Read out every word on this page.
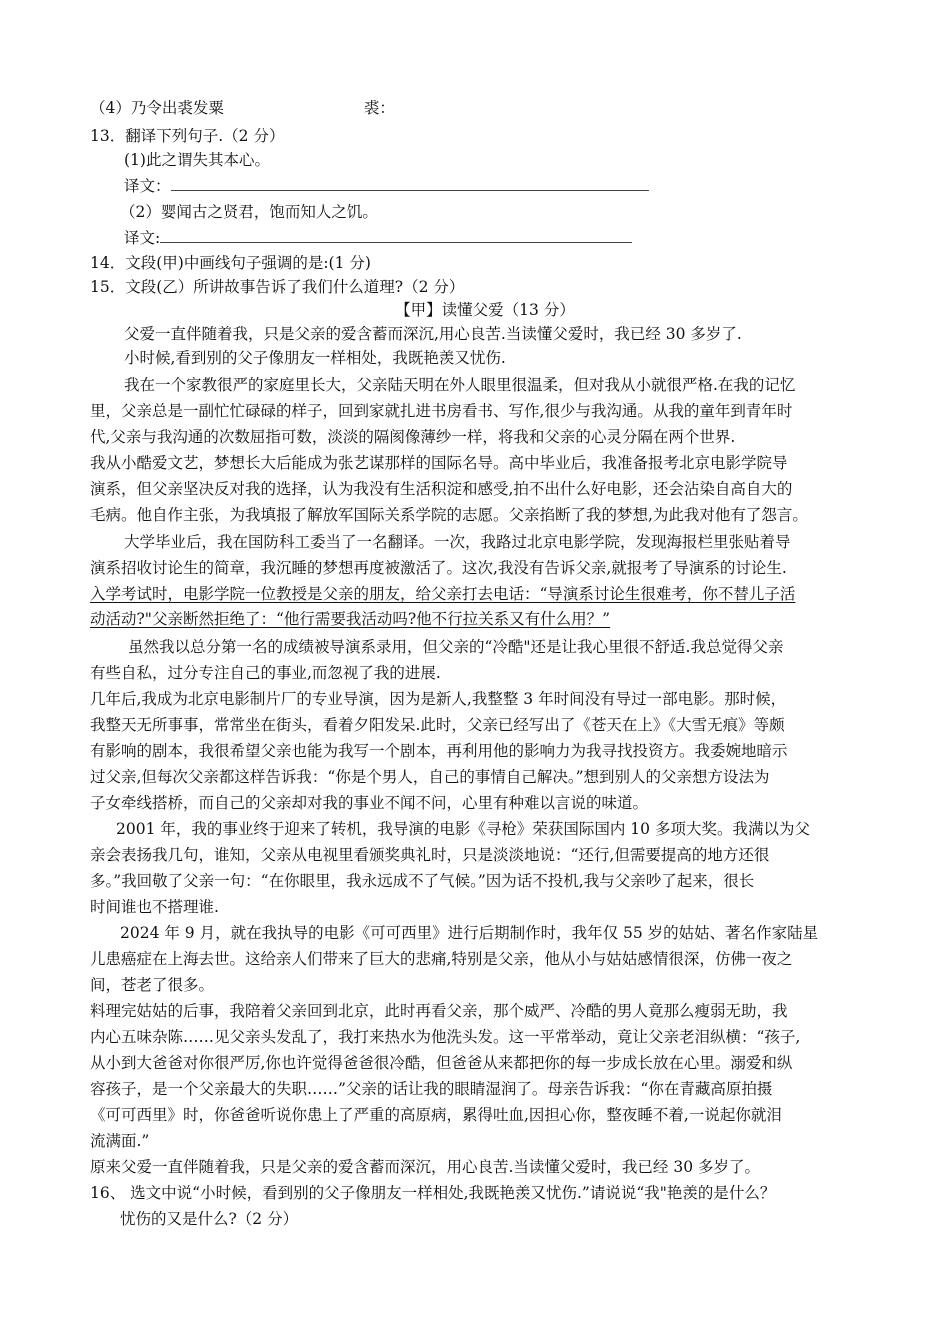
（4）乃令出裘发粟	裘：
13．翻译下列句子.（2 分）
(1)此之谓失其本心。
译文：
（2）婴闻古之贤君，饱而知人之饥。
译文:
14．文段(甲)中画线句子强调的是:(1 分)
15．文段(乙）所讲故事告诉了我们什么道理?（2 分）
【甲】读懂父爱（13 分）
父爱一直伴随着我，只是父亲的爱含蓄而深沉,用心良苦.当读懂父爱时，我已经 30 多岁了.
小时候,看到别的父子像朋友一样相处，我既艳羡又忧伤.
我在一个家教很严的家庭里长大，父亲陆天明在外人眼里很温柔，但对我从小就很严格.在我的记忆
里，父亲总是一副忙忙碌碌的样子，回到家就扎进书房看书、写作,很少与我沟通。从我的童年到青年时
代,父亲与我沟通的次数屈指可数，淡淡的隔阂像薄纱一样，将我和父亲的心灵分隔在两个世界.
我从小酷爱文艺，梦想长大后能成为张艺谋那样的国际名导。高中毕业后，我准备报考北京电影学院导
演系，但父亲坚决反对我的选择，认为我没有生活积淀和感受,拍不出什么好电影，还会沾染自高自大的
毛病。他自作主张，为我填报了解放军国际关系学院的志愿。父亲掐断了我的梦想,为此我对他有了怨言。
大学毕业后，我在国防科工委当了一名翻译。一次，我路过北京电影学院，发现海报栏里张贴着导
演系招收讨论生的简章，我沉睡的梦想再度被激活了。这次,我没有告诉父亲,就报考了导演系的讨论生.
入学考试时，电影学院一位教授是父亲的朋友，给父亲打去电话：“导演系讨论生很难考，你不替儿子活
动活动?"父亲断然拒绝了：“他行需要我活动吗?他不行拉关系又有什么用？”
虽然我以总分第一名的成绩被导演系录用，但父亲的“冷酷"还是让我心里很不舒适.我总觉得父亲
有些自私，过分专注自己的事业,而忽视了我的进展.
几年后,我成为北京电影制片厂的专业导演，因为是新人,我整整 3 年时间没有导过一部电影。那时候，
我整天无所事事，常常坐在街头，看着夕阳发呆.此时，父亲已经写出了《苍天在上》《大雪无痕》等颇
有影响的剧本，我很希望父亲也能为我写一个剧本，再利用他的影响力为我寻找投资方。我委婉地暗示
过父亲,但每次父亲都这样告诉我：“你是个男人，自己的事情自己解决。”想到别人的父亲想方设法为
子女牵线搭桥，而自己的父亲却对我的事业不闻不问，心里有种难以言说的味道。
2001 年，我的事业终于迎来了转机，我导演的电影《寻枪》荣获国际国内 10 多项大奖。我满以为父
亲会表扬我几句，谁知，父亲从电视里看颁奖典礼时，只是淡淡地说：“还行,但需要提高的地方还很
多。”我回敬了父亲一句：“在你眼里，我永远成不了气候。”因为话不投机,我与父亲吵了起来，很长
时间谁也不搭理谁.
2024 年 9 月，就在我执导的电影《可可西里》进行后期制作时，我年仅 55 岁的姑姑、著名作家陆星
儿患癌症在上海去世。这给亲人们带来了巨大的悲痛,特别是父亲，他从小与姑姑感情很深，仿佛一夜之
间，苍老了很多。
料理完姑姑的后事，我陪着父亲回到北京，此时再看父亲，那个威严、冷酷的男人竟那么瘦弱无助，我
内心五味杂陈……见父亲头发乱了，我打来热水为他洗头发。这一平常举动，竟让父亲老泪纵横：“孩子,
从小到大爸爸对你很严厉,你也许觉得爸爸很冷酷，但爸爸从来都把你的每一步成长放在心里。溺爱和纵
容孩子，是一个父亲最大的失职……”父亲的话让我的眼睛湿润了。母亲告诉我：“你在青藏高原拍摄
《可可西里》时，你爸爸听说你患上了严重的高原病，累得吐血,因担心你，整夜睡不着,一说起你就泪
流满面.”
原来父爱一直伴随着我，只是父亲的爱含蓄而深沉，用心良苦.当读懂父爱时，我已经 30 多岁了。
16、 选文中说“小时候，看到别的父子像朋友一样相处,我既艳羡又忧伤.”请说说“我"艳羡的是什么？
忧伤的又是什么?（2 分）
